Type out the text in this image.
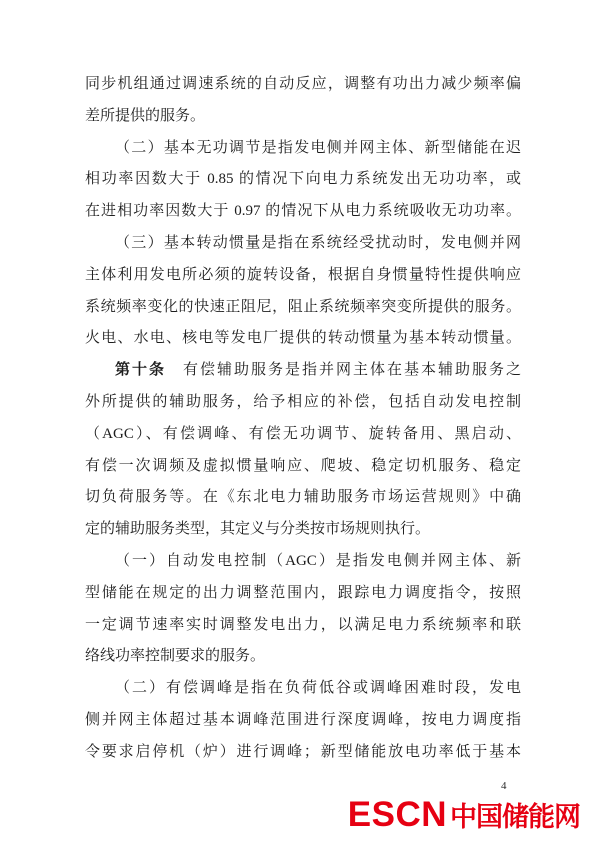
同步机组通过调速系统的自动反应，调整有功出力减少频率偏
差所提供的服务。
（二）基本无功调节是指发电侧并网主体、新型储能在迟
相功率因数大于 0.85 的情况下向电力系统发出无功功率，或
在进相功率因数大于 0.97 的情况下从电力系统吸收无功功率。
（三）基本转动惯量是指在系统经受扰动时，发电侧并网
主体利用发电所必须的旋转设备，根据自身惯量特性提供响应
系统频率变化的快速正阻尼，阻止系统频率突变所提供的服务。
火电、水电、核电等发电厂提供的转动惯量为基本转动惯量。
第十条　有偿辅助服务是指并网主体在基本辅助服务之
外所提供的辅助服务，给予相应的补偿，包括自动发电控制
（AGC）、有偿调峰、有偿无功调节、旋转备用、黑启动、
有偿一次调频及虚拟惯量响应、爬坡、稳定切机服务、稳定
切负荷服务等。在《东北电力辅助服务市场运营规则》中确
定的辅助服务类型，其定义与分类按市场规则执行。
（一）自动发电控制（AGC）是指发电侧并网主体、新
型储能在规定的出力调整范围内，跟踪电力调度指令，按照
一定调节速率实时调整发电出力，以满足电力系统频率和联
络线功率控制要求的服务。
（二）有偿调峰是指在负荷低谷或调峰困难时段，发电
侧并网主体超过基本调峰范围进行深度调峰，按电力调度指
令要求启停机（炉）进行调峰；新型储能放电功率低于基本
4
ESCN 中国储能网
